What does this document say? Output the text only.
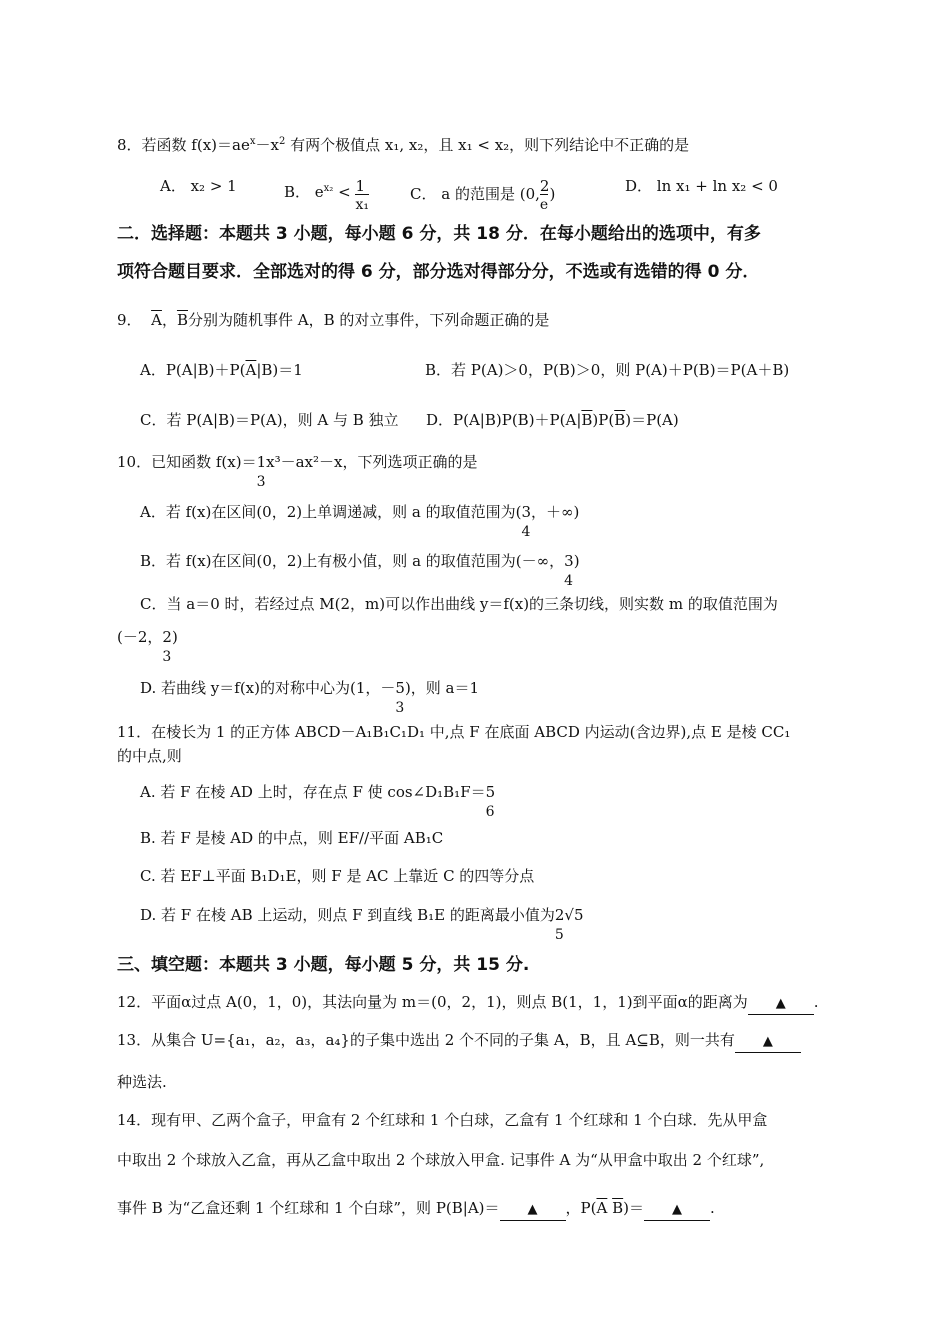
8．若函数 $f(x)=ae^x-x^2$ 有两个极值点 x₁, x₂，且 x₁ < x₂，则下列结论中不正确的是
A． x₂ > 1	B． $e^{x_2} < \frac{1}{\text{x₁}}$	C． a 的范围是 ($0,\frac{2}{e}$ )	D． ln x₁ + ln x₂ < 0
二．选择题：本题共 3 小题，每小题 6 分，共 18 分．在每小题给出的选项中，有多
项符合题目要求．全部选对的得 6 分，部分选对得部分分，不选或有选错的得 0 分．
9． $\overline{A}$，$\overline{B}$分别为随机事件 A，B 的对立事件，下列命题正确的是
A．$P(A|B)+P(\overline{A}|B)=1$	B．若 P(A)＞0，P(B)＞0，则 P(A)＋P(B)＝P(A＋B)
C．若 P(A|B)＝P(A)，则 A 与 B 独立 D．$P(A|B)P(B)+P(A|\overline{B})P(\overline{B})=P(A)$
10．已知函数 f(x)＝1
3
x³－ax²－x，下列选项正确的是
A．若 f(x)在区间(0，2)上单调递减，则 a 的取值范围为(3
4
，＋∞)
B．若 f(x)在区间(0，2)上有极小值，则 a 的取值范围为(－∞，3
4
)
C．当 a＝0 时，若经过点 M(2，m)可以作出曲线 y＝f(x)的三条切线，则实数 m 的取值范围为
(－2，2
3
)
D. 若曲线 y＝f(x)的对称中心为(1，－5
3
)，则 a＝1
11．在棱长为 1 的正方体 ABCD－A₁B₁C₁D₁ 中,点 F 在底面 ABCD 内运动(含边界),点 E 是棱 CC₁
的中点,则
A. 若 F 在棱 AD 上时，存在点 F 使 cos∠D₁B₁F＝5
6
B. 若 F 是棱 AD 的中点，则 EF//平面 AB₁C
C. 若 EF⊥平面 B₁D₁E，则 F 是 AC 上靠近 C 的四等分点
D. 若 F 在棱 AB 上运动，则点 F 到直线 B₁E 的距离最小值为2
5
√5
三、填空题：本题共 3 小题，每小题 5 分，共 15 分.
12．平面α过点 A(0，1，0)，其法向量为 m＝(0，2，1)，则点 B(1，1，1)到平面α的距离为 ▲ .
13．从集合 U={a₁，a₂，a₃，a₄}的子集中选出 2 个不同的子集 A，B，且 A⊆B，则一共有 ▲
种选法.
14．现有甲、乙两个盒子，甲盒有 2 个红球和 1 个白球，乙盒有 1 个红球和 1 个白球．先从甲盒
中取出 2 个球放入乙盒，再从乙盒中取出 2 个球放入甲盒. 记事件 A 为“从甲盒中取出 2 个红球”,
事件 B 为“乙盒还剩 1 个红球和 1 个白球”，则 P(B|A)＝ ▲ ，$P(\overline{A}$ $\overline{B})=$ ▲ .
